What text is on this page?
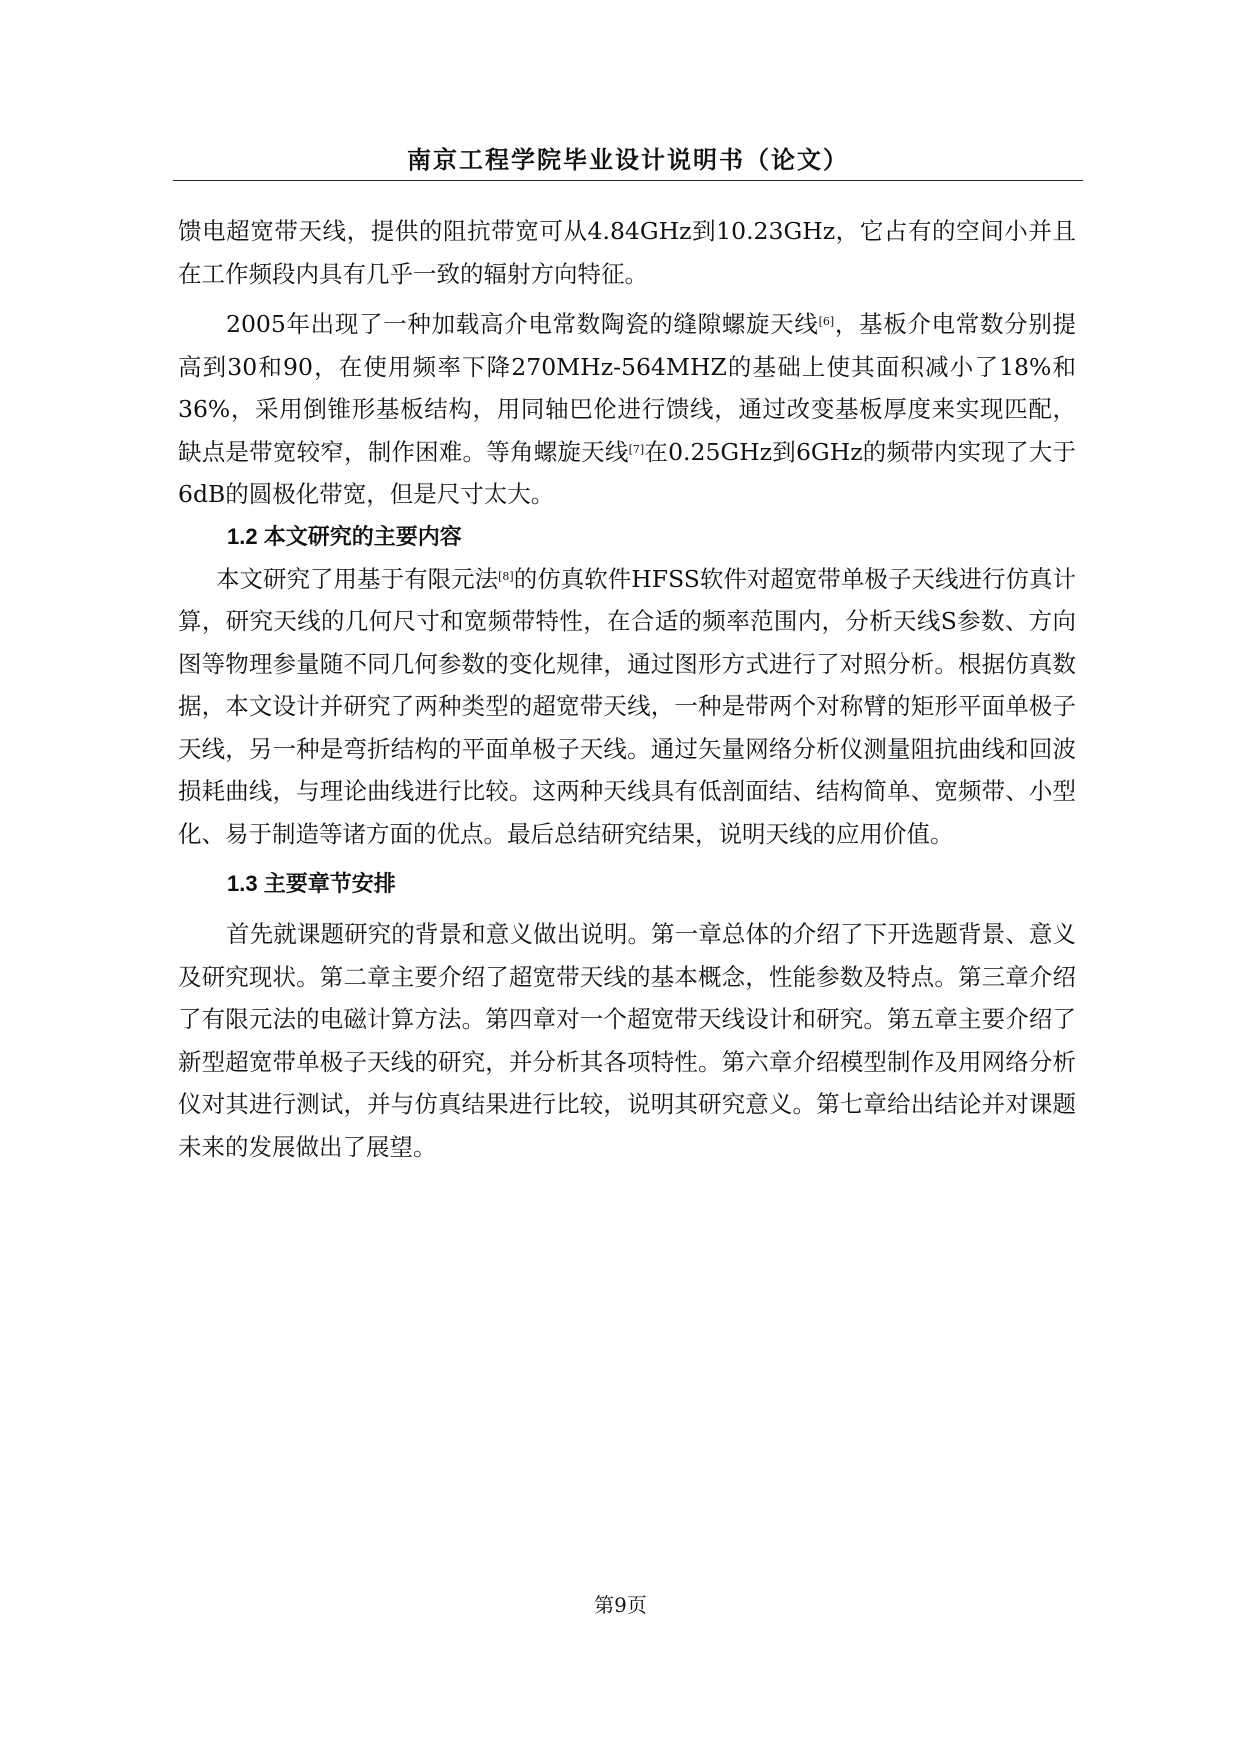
南京工程学院毕业设计说明书（论文）

馈电超宽带天线，提供的阻抗带宽可从4.84GHz到10.23GHz，它占有的空间小并且在工作频段内具有几乎一致的辐射方向特征。

2005年出现了一种加载高介电常数陶瓷的缝隙螺旋天线[6]，基板介电常数分别提高到30和90，在使用频率下降270MHz-564MHZ的基础上使其面积减小了18%和36%，采用倒锥形基板结构，用同轴巴伦进行馈线，通过改变基板厚度来实现匹配，缺点是带宽较窄，制作困难。等角螺旋天线[7]在0.25GHz到6GHz的频带内实现了大于6dB的圆极化带宽，但是尺寸太大。

1.2 本文研究的主要内容

本文研究了用基于有限元法[8]的仿真软件HFSS软件对超宽带单极子天线进行仿真计算，研究天线的几何尺寸和宽频带特性，在合适的频率范围内，分析天线S参数、方向图等物理参量随不同几何参数的变化规律，通过图形方式进行了对照分析。根据仿真数据，本文设计并研究了两种类型的超宽带天线，一种是带两个对称臂的矩形平面单极子天线，另一种是弯折结构的平面单极子天线。通过矢量网络分析仪测量阻抗曲线和回波损耗曲线，与理论曲线进行比较。这两种天线具有低剖面结、结构简单、宽频带、小型化、易于制造等诸方面的优点。最后总结研究结果，说明天线的应用价值。

1.3 主要章节安排

首先就课题研究的背景和意义做出说明。第一章总体的介绍了下开选题背景、意义及研究现状。第二章主要介绍了超宽带天线的基本概念，性能参数及特点。第三章介绍了有限元法的电磁计算方法。第四章对一个超宽带天线设计和研究。第五章主要介绍了新型超宽带单极子天线的研究，并分析其各项特性。第六章介绍模型制作及用网络分析仪对其进行测试，并与仿真结果进行比较，说明其研究意义。第七章给出结论并对课题未来的发展做出了展望。

第9页
